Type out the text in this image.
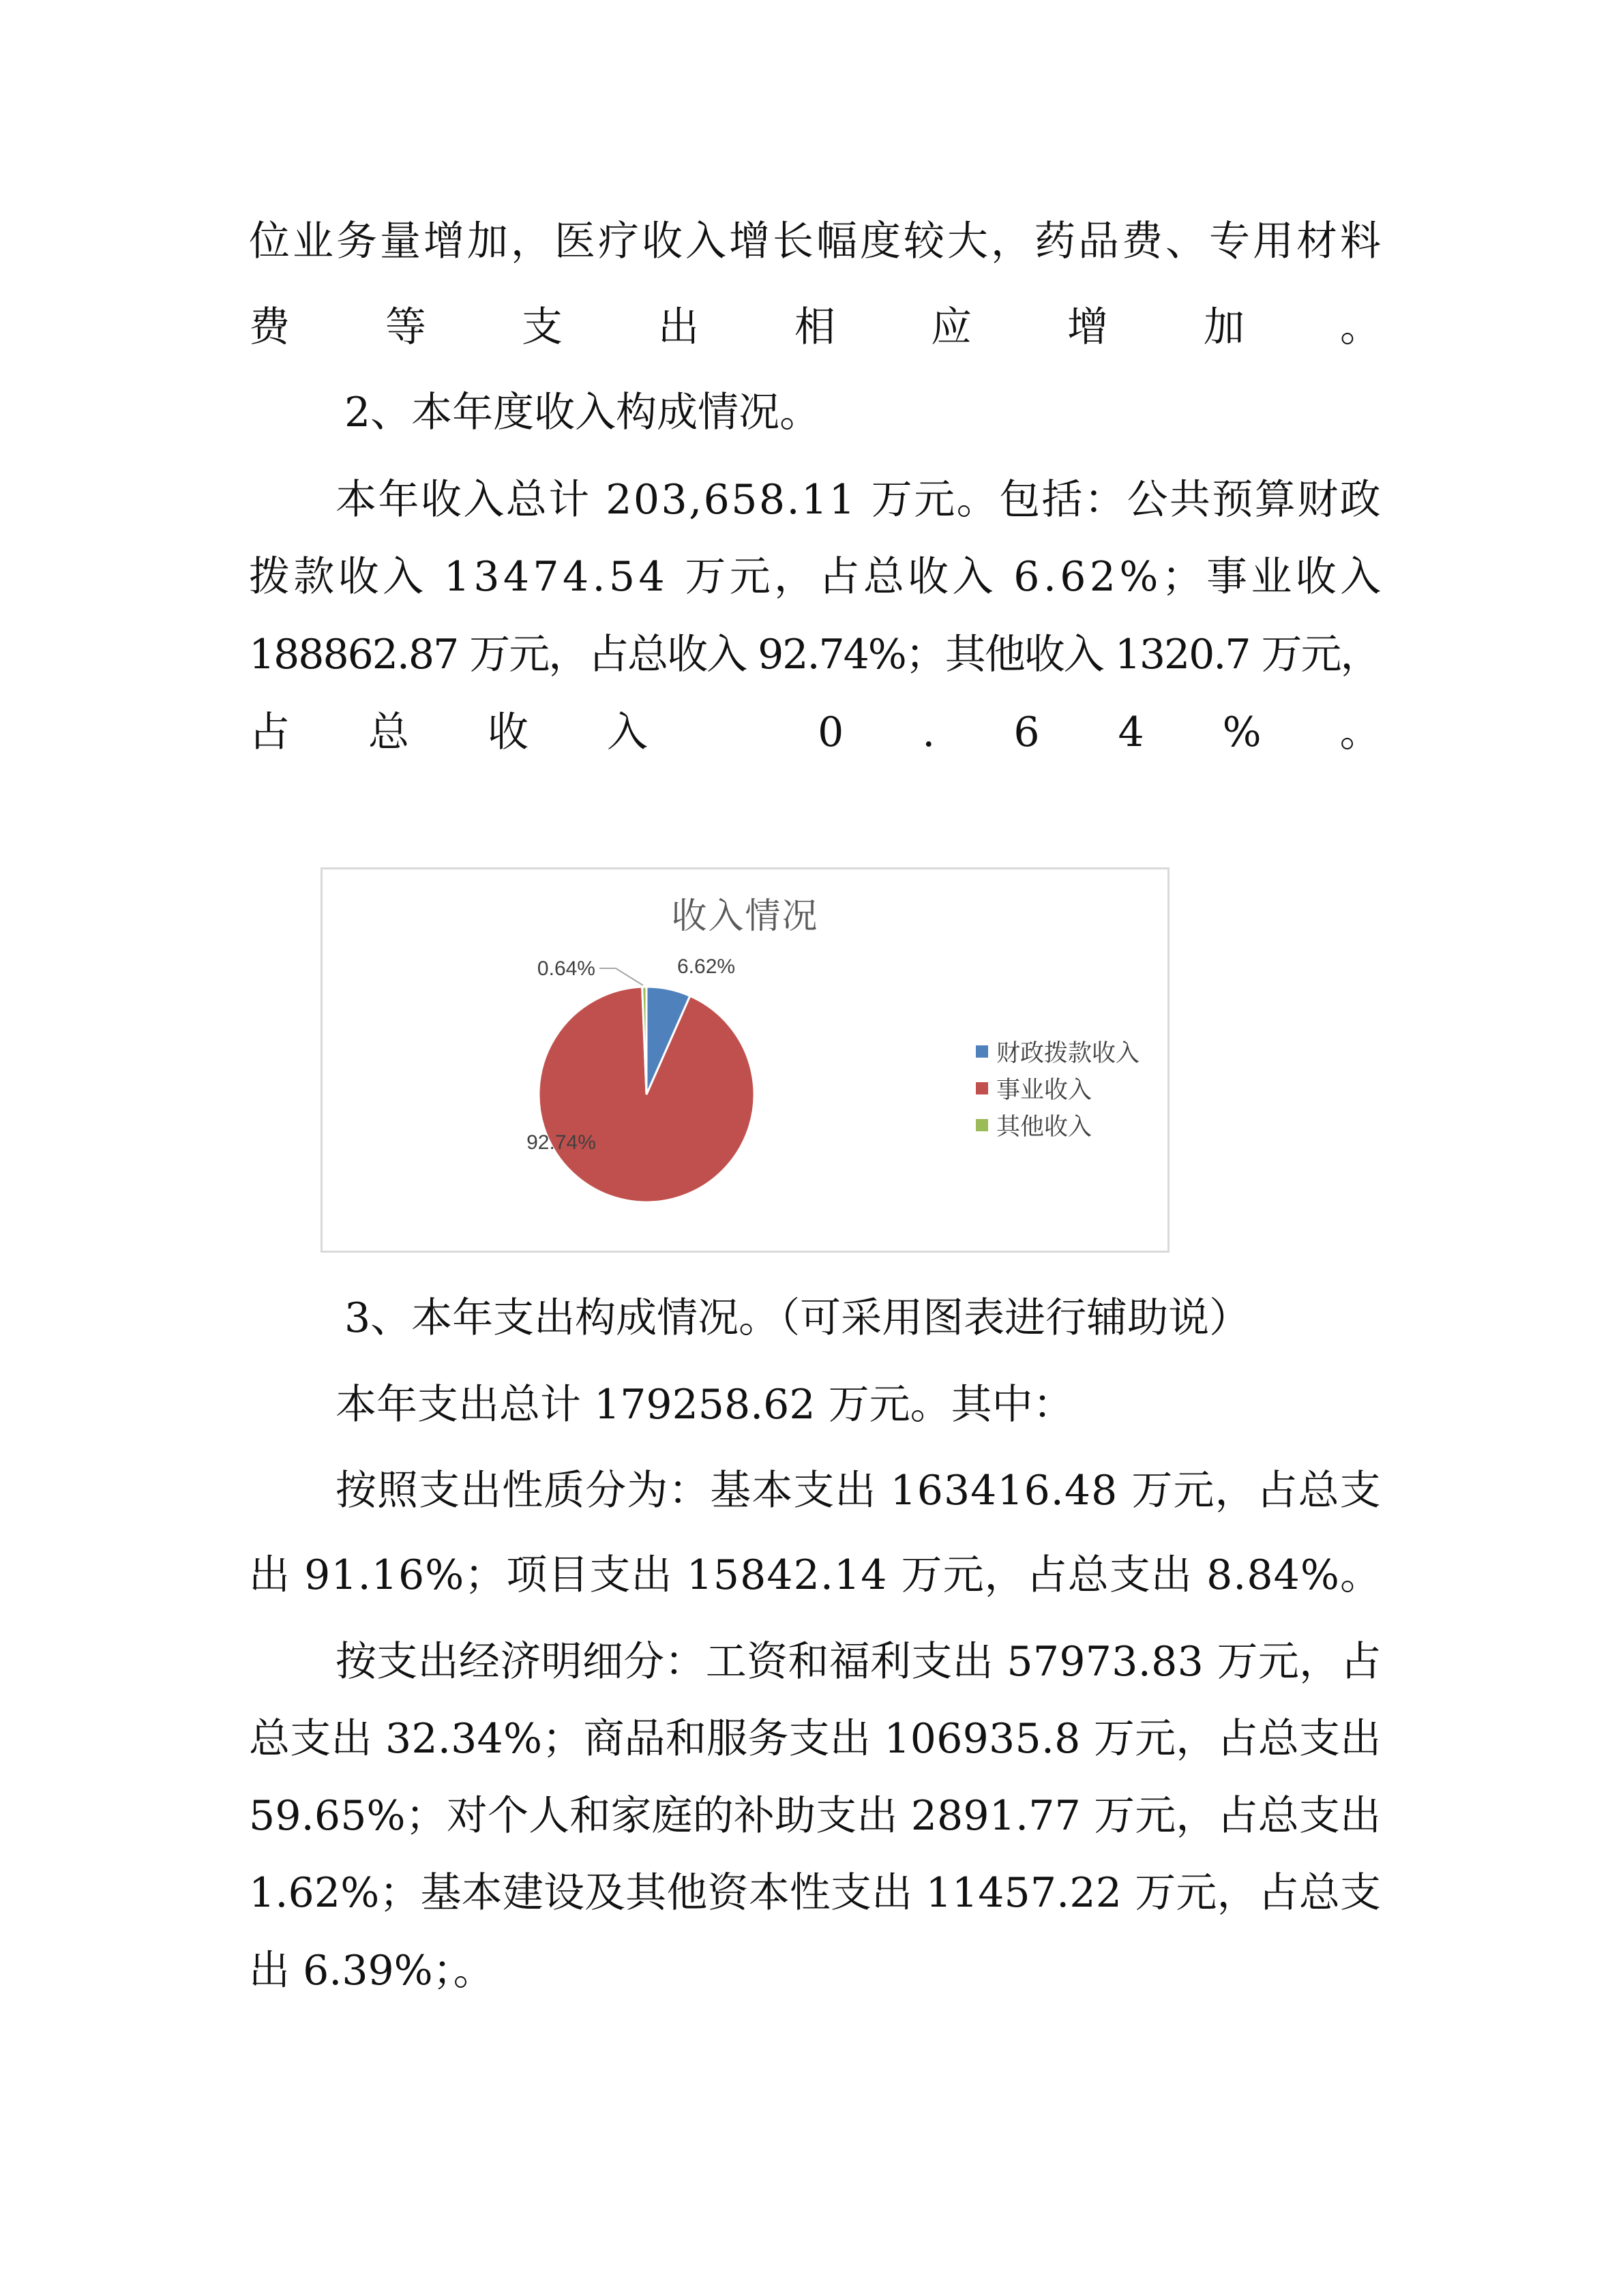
位业务量增加，医疗收入增长幅度较大，药品费、专用材料

费等支出相应增加。

2、本年度收入构成情况。

本年收入总计 203,658.11 万元。包括：公共预算财政

拨款收入 13474.54 万元，占总收入 6.62%；事业收入

188862.87 万元，占总收入 92.74%；其他收入 1320.7 万元，

占总收入 0.64%。

收入情况
6.62%
92.74%
0.64%
财政拨款收入
事业收入
其他收入

3、本年支出构成情况。（可采用图表进行辅助说）

本年支出总计 179258.62 万元。其中：

按照支出性质分为：基本支出 163416.48 万元，占总支

出 91.16%；项目支出 15842.14 万元，占总支出 8.84%。

按支出经济明细分：工资和福利支出 57973.83 万元，占

总支出 32.34%；商品和服务支出 106935.8 万元，占总支出

59.65%；对个人和家庭的补助支出 2891.77 万元，占总支出

1.62%；基本建设及其他资本性支出 11457.22 万元，占总支

出 6.39%；。
